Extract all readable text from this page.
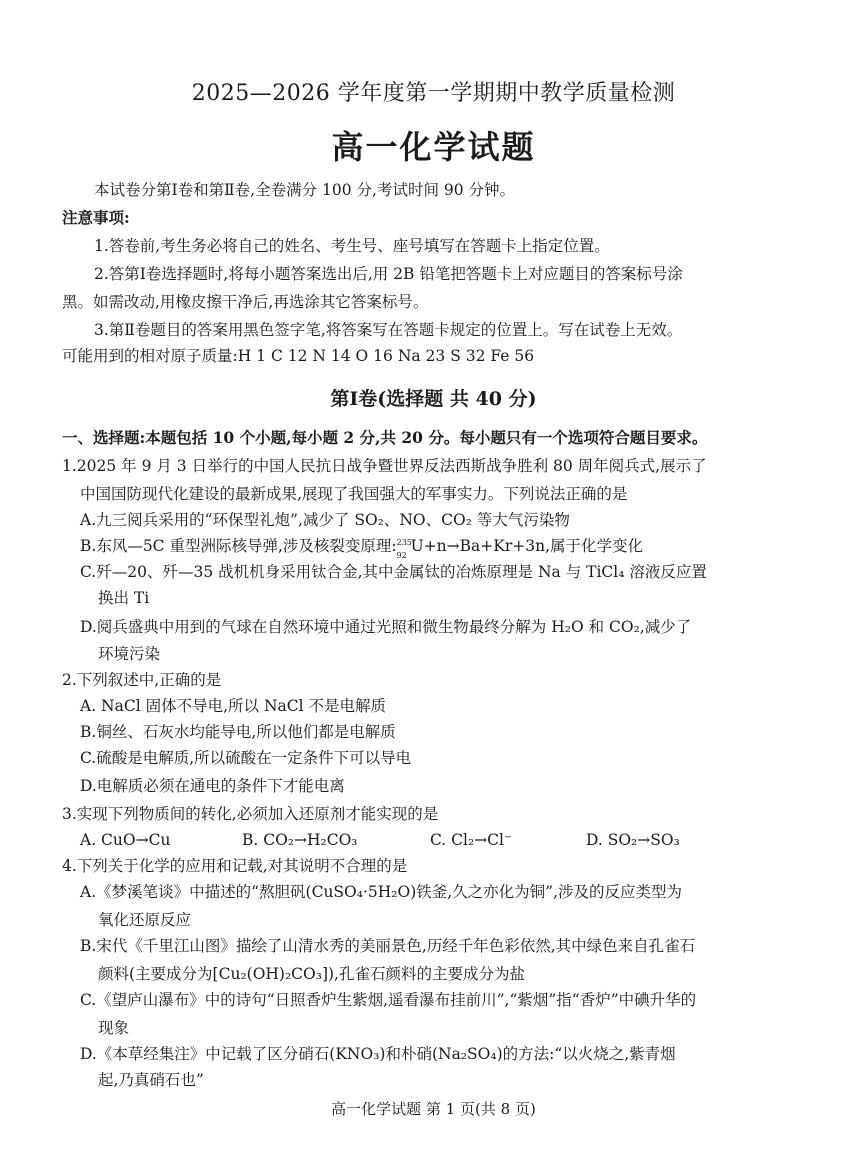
2025—2026 学年度第一学期期中教学质量检测
高一化学试题
本试卷分第Ⅰ卷和第Ⅱ卷,全卷满分 100 分,考试时间 90 分钟。
注意事项:
1.答卷前,考生务必将自己的姓名、考生号、座号填写在答题卡上指定位置。
2.答第Ⅰ卷选择题时,将每小题答案选出后,用 2B 铅笔把答题卡上对应题目的答案标号涂
黑。如需改动,用橡皮擦干净后,再选涂其它答案标号。
3.第Ⅱ卷题目的答案用黑色签字笔,将答案写在答题卡规定的位置上。写在试卷上无效。
可能用到的相对原子质量:H 1 C 12 N 14 O 16 Na 23 S 32 Fe 56
第Ⅰ卷(选择题 共 40 分)
一、选择题:本题包括 10 个小题,每小题 2 分,共 20 分。每小题只有一个选项符合题目要求。
1.2025 年 9 月 3 日举行的中国人民抗日战争暨世界反法西斯战争胜利 80 周年阅兵式,展示了
中国国防现代化建设的最新成果,展现了我国强大的军事实力。下列说法正确的是
A.九三阅兵采用的“环保型礼炮”,减少了 SO₂、NO、CO₂ 等大气污染物
B.东风—5C 重型洲际核导弹,涉及核裂变原理: 235
92
U+n→Ba+Kr+3n,属于化学变化
C.歼—20、歼—35 战机机身采用钛合金,其中金属钛的冶炼原理是 Na 与 TiCl₄ 溶液反应置
换出 Ti
D.阅兵盛典中用到的气球在自然环境中通过光照和微生物最终分解为 H₂O 和 CO₂,减少了
环境污染
2.下列叙述中,正确的是
A. NaCl 固体不导电,所以 NaCl 不是电解质
B.铜丝、石灰水均能导电,所以他们都是电解质
C.硫酸是电解质,所以硫酸在一定条件下可以导电
D.电解质必须在通电的条件下才能电离
3.实现下列物质间的转化,必须加入还原剂才能实现的是
A. CuO→Cu	B. CO₂→H₂CO₃	C. Cl₂→Cl⁻	D. SO₂→SO₃
4.下列关于化学的应用和记载,对其说明不合理的是
A.《梦溪笔谈》中描述的“熬胆矾(CuSO₄·5H₂O)铁釜,久之亦化为铜”,涉及的反应类型为
氧化还原反应
B.宋代《千里江山图》描绘了山清水秀的美丽景色,历经千年色彩依然,其中绿色来自孔雀石
颜料(主要成分为[Cu₂(OH)₂CO₃]),孔雀石颜料的主要成分为盐
C.《望庐山瀑布》中的诗句“日照香炉生紫烟,遥看瀑布挂前川”,“紫烟”指“香炉”中碘升华的
现象
D.《本草经集注》中记载了区分硝石(KNO₃)和朴硝(Na₂SO₄)的方法:“以火烧之,紫青烟
起,乃真硝石也”
高一化学试题 第 1 页(共 8 页)
